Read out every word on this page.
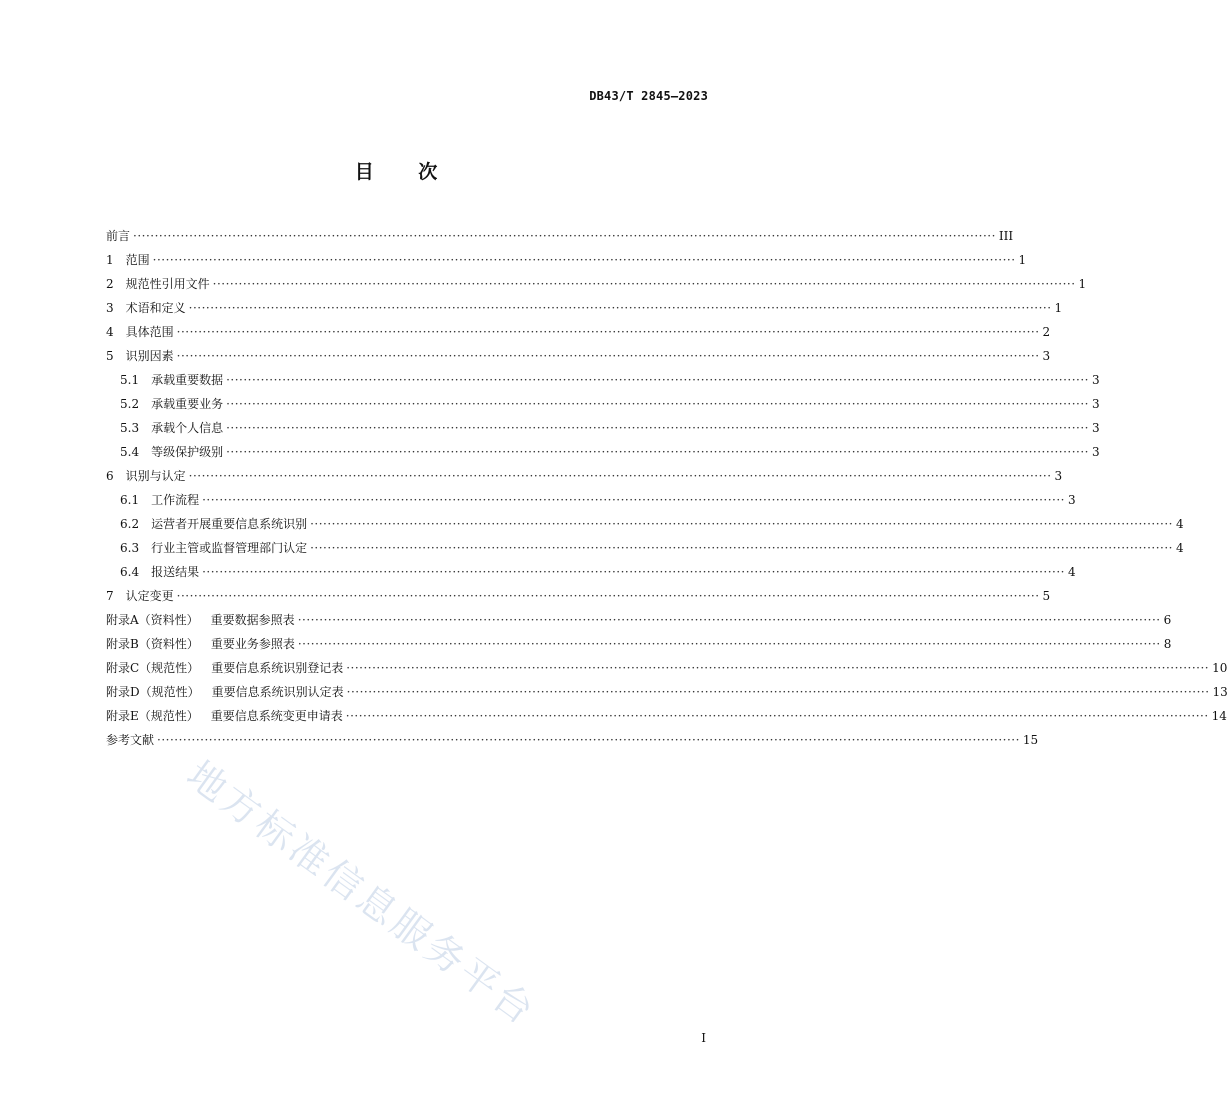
DB43/T 2845—2023
目 次
前言 ········································································································································································································ III
1 范围 ········································································································································································································ 1
2 规范性引用文件 ········································································································································································································ 1
3 术语和定义 ········································································································································································································ 1
4 具体范围 ········································································································································································································ 2
5 识别因素 ········································································································································································································ 3
5.1 承载重要数据 ········································································································································································································ 3
5.2 承载重要业务 ········································································································································································································ 3
5.3 承载个人信息 ········································································································································································································ 3
5.4 等级保护级别 ········································································································································································································ 3
6 识别与认定 ········································································································································································································ 3
6.1 工作流程 ········································································································································································································ 3
6.2 运营者开展重要信息系统识别 ········································································································································································································ 4
6.3 行业主管或监督管理部门认定 ········································································································································································································ 4
6.4 报送结果 ········································································································································································································ 4
7 认定变更 ········································································································································································································ 5
附录A（资料性） 重要数据参照表 ········································································································································································································ 6
附录B（资料性） 重要业务参照表 ········································································································································································································ 8
附录C（规范性） 重要信息系统识别登记表 ········································································································································································································ 10
附录D（规范性） 重要信息系统识别认定表 ········································································································································································································ 13
附录E（规范性） 重要信息系统变更申请表 ········································································································································································································ 14
参考文献 ········································································································································································································ 15
地方标准信息服务平台
I
